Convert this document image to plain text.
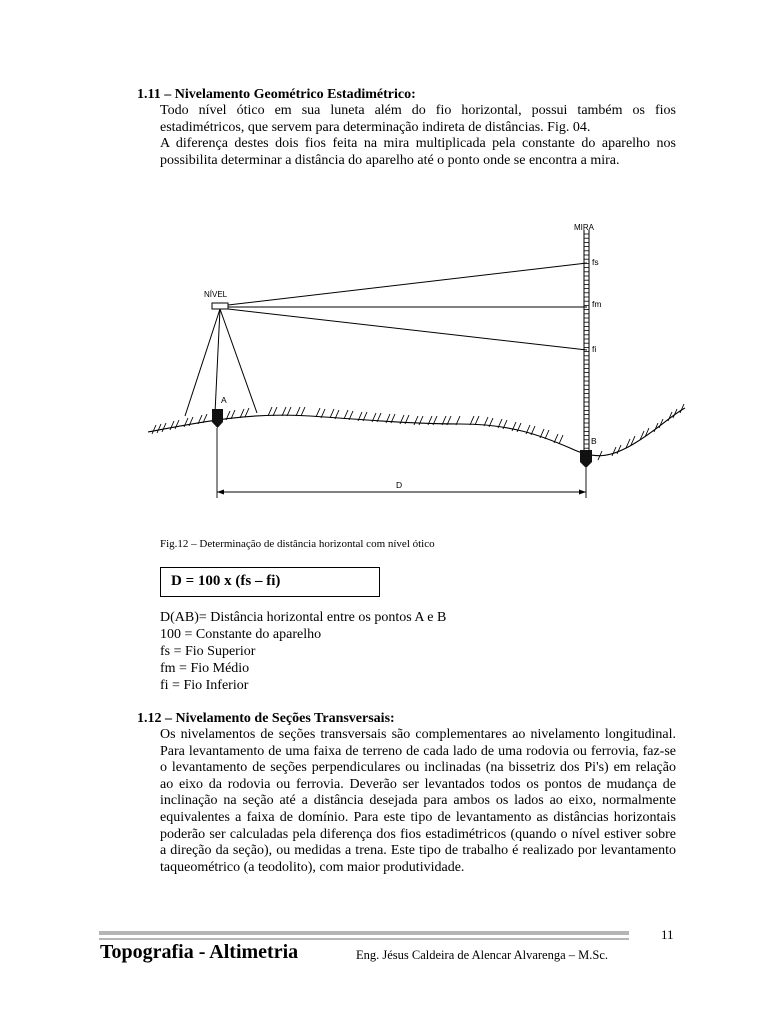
1.11 – Nivelamento Geométrico Estadimétrico:

Todo nível ótico em sua luneta além do fio horizontal, possui também os fios estadimétricos, que servem para determinação indireta de distâncias. Fig. 04.

A diferença destes dois fios feita na mira multiplicada pela constante do aparelho nos possibilita determinar a distância do aparelho até o ponto onde se encontra a mira.

MIRA
NÍVEL
fs
fm
fi
A
B
D
Fig.12 – Determinação de distância horizontal com nível ótico
D = 100 x (fs – fi)
D(AB)= Distância horizontal entre os pontos A e B
100 = Constante do aparelho
fs = Fio Superior
fm = Fio Médio
fi = Fio Inferior
1.12 – Nivelamento de Seções Transversais:

Os nivelamentos de seções transversais são complementares ao nivelamento longitudinal. Para levantamento de uma faixa de terreno de cada lado de uma rodovia ou ferrovia, faz-se o levantamento de seções perpendiculares ou inclinadas (na bissetriz dos Pi's) em relação ao eixo da rodovia ou ferrovia. Deverão ser levantados todos os pontos de mudança de inclinação na seção até a distância desejada para ambos os lados ao eixo, normalmente equivalentes a faixa de domínio. Para este tipo de levantamento as distâncias horizontais poderão ser calculadas pela diferença dos fios estadimétricos (quando o nível estiver sobre a direção da seção), ou medidas a trena. Este tipo de trabalho é realizado por levantamento taqueométrico (a teodolito), com maior produtividade.

11
Topografia - Altimetria	Eng. Jésus Caldeira de Alencar Alvarenga – M.Sc.
